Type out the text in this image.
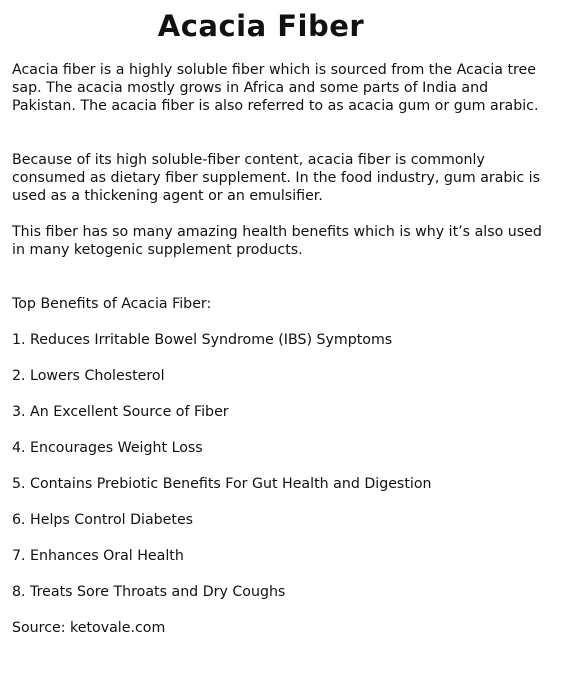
Acacia Fiber

Acacia fiber is a highly soluble fiber which is sourced from the Acacia tree sap. The acacia mostly grows in Africa and some parts of India and Pakistan. The acacia fiber is also referred to as acacia gum or gum arabic.

Because of its high soluble-fiber content, acacia fiber is commonly consumed as dietary fiber supplement. In the food industry, gum arabic is used as a thickening agent or an emulsifier.

This fiber has so many amazing health benefits which is why it’s also used in many ketogenic supplement products.

Top Benefits of Acacia Fiber:

1. Reduces Irritable Bowel Syndrome (IBS) Symptoms

2. Lowers Cholesterol

3. An Excellent Source of Fiber

4. Encourages Weight Loss

5. Contains Prebiotic Benefits For Gut Health and Digestion

6. Helps Control Diabetes

7. Enhances Oral Health

8. Treats Sore Throats and Dry Coughs

Source: ketovale.com
